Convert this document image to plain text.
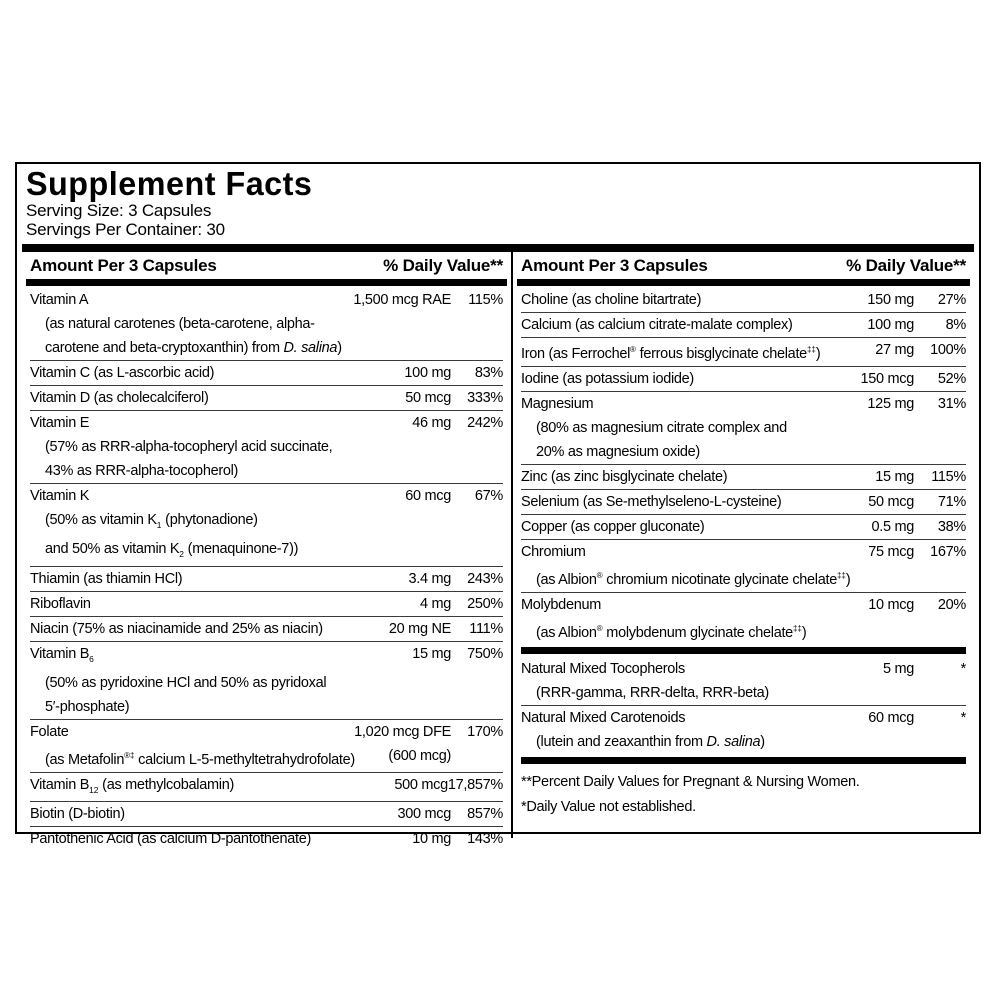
Supplement Facts
Serving Size: 3 Capsules
Servings Per Container: 30
Amount Per 3 Capsules	% Daily Value**
Vitamin A	1,500 mcg RAE	115%
(as natural carotenes (beta-carotene, alpha-
carotene and beta-cryptoxanthin) from D. salina)
Vitamin C (as L-ascorbic acid)	100 mg	83%
Vitamin D (as cholecalciferol)	50 mcg	333%
Vitamin E	46 mg	242%
(57% as RRR-alpha-tocopheryl acid succinate,
43% as RRR-alpha-tocopherol)
Vitamin K	60 mcg	67%
(50% as vitamin $K_1$ (phytonadione)
and 50% as vitamin $K_2$ (menaquinone-7))
Thiamin (as thiamin HCl)	3.4 mg	243%
Riboflavin	4 mg	250%
Niacin (75% as niacinamide and 25% as niacin)	20 mg NE	111%
Vitamin $B_6$	15 mg	750%
(50% as pyridoxine HCl and 50% as pyridoxal
5′-phosphate)
Folate	1,020 mcg DFE	170%
(as Metafolin®‡ calcium L-5-methyltetrahydrofolate) (600 mcg)
Vitamin $B_{12}$ (as methylcobalamin)	500 mcg 17,857%
Biotin (D-biotin)	300 mcg	857%
Pantothenic Acid (as calcium D-pantothenate)	10 mg	143%
Amount Per 3 Capsules	% Daily Value**
Choline (as choline bitartrate)	150 mg	27%
Calcium (as calcium citrate-malate complex)	100 mg	8%
Iron (as Ferrochel® ferrous bisglycinate chelate‡‡)	27 mg	100%
Iodine (as potassium iodide)	150 mcg	52%
Magnesium	125 mg	31%
(80% as magnesium citrate complex and
20% as magnesium oxide)
Zinc (as zinc bisglycinate chelate)	15 mg	115%
Selenium (as Se-methylseleno-L-cysteine)	50 mcg	71%
Copper (as copper gluconate)	0.5 mg	38%
Chromium	75 mcg	167%
(as Albion® chromium nicotinate glycinate chelate‡‡)
Molybdenum	10 mcg	20%
(as Albion® molybdenum glycinate chelate‡‡)
Natural Mixed Tocopherols	5 mg	*
(RRR-gamma, RRR-delta, RRR-beta)
Natural Mixed Carotenoids	60 mcg	*
(lutein and zeaxanthin from D. salina)
**Percent Daily Values for Pregnant & Nursing Women.
*Daily Value not established.
